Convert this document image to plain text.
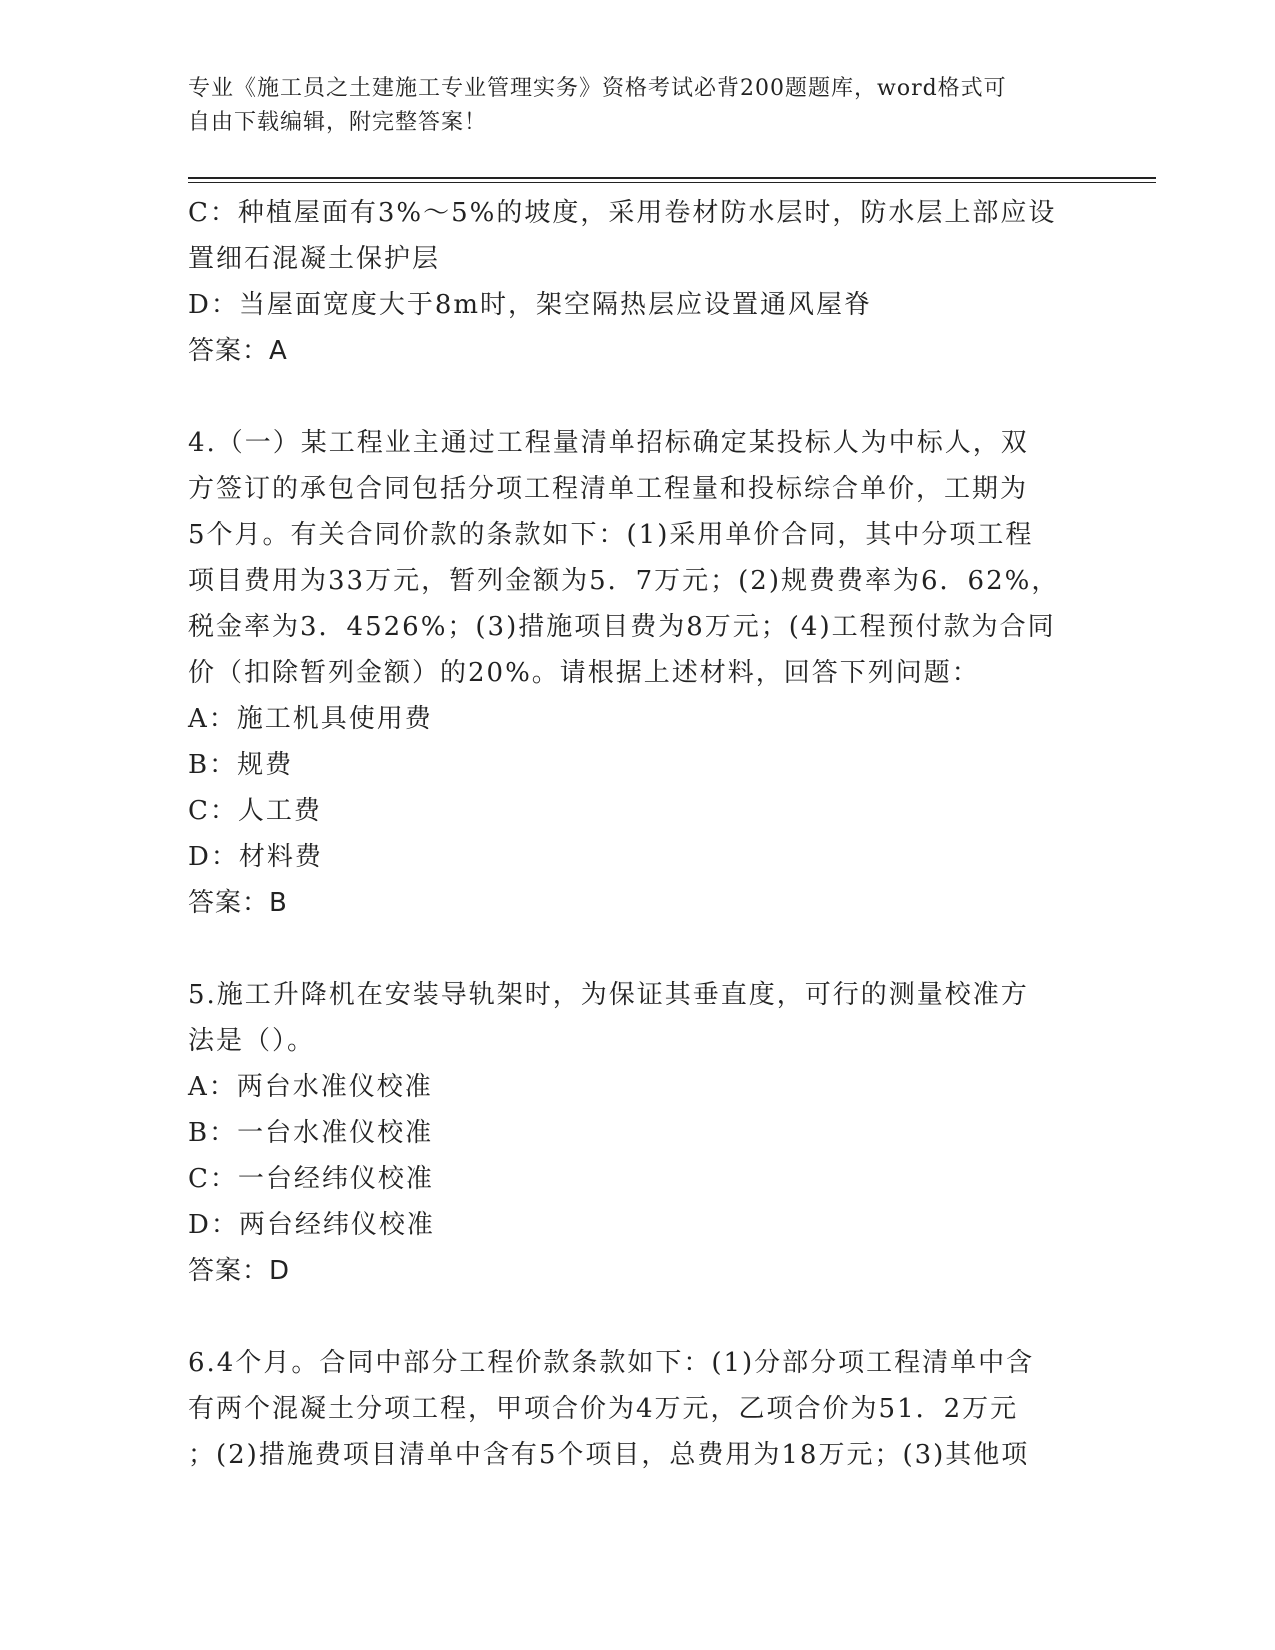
专业《施工员之土建施工专业管理实务》资格考试必背200题题库，word格式可
自由下载编辑，附完整答案！
C：种植屋面有3%～5%的坡度，采用卷材防水层时，防水层上部应设
置细石混凝土保护层
D：当屋面宽度大于8m时，架空隔热层应设置通风屋脊
答案：A
4.（一）某工程业主通过工程量清单招标确定某投标人为中标人，双
方签订的承包合同包括分项工程清单工程量和投标综合单价，工期为
5个月。有关合同价款的条款如下：(1)采用单价合同，其中分项工程
项目费用为33万元，暂列金额为5．7万元；(2)规费费率为6．62%，
税金率为3．4526%；(3)措施项目费为8万元；(4)工程预付款为合同
价（扣除暂列金额）的20%。请根据上述材料，回答下列问题：
A：施工机具使用费
B：规费
C：人工费
D：材料费
答案：B
5.施工升降机在安装导轨架时，为保证其垂直度，可行的测量校准方
法是（）。
A：两台水准仪校准
B：一台水准仪校准
C：一台经纬仪校准
D：两台经纬仪校准
答案：D
6.4个月。合同中部分工程价款条款如下：(1)分部分项工程清单中含
有两个混凝土分项工程，甲项合价为4万元，乙项合价为51．2万元
；(2)措施费项目清单中含有5个项目，总费用为18万元；(3)其他项
